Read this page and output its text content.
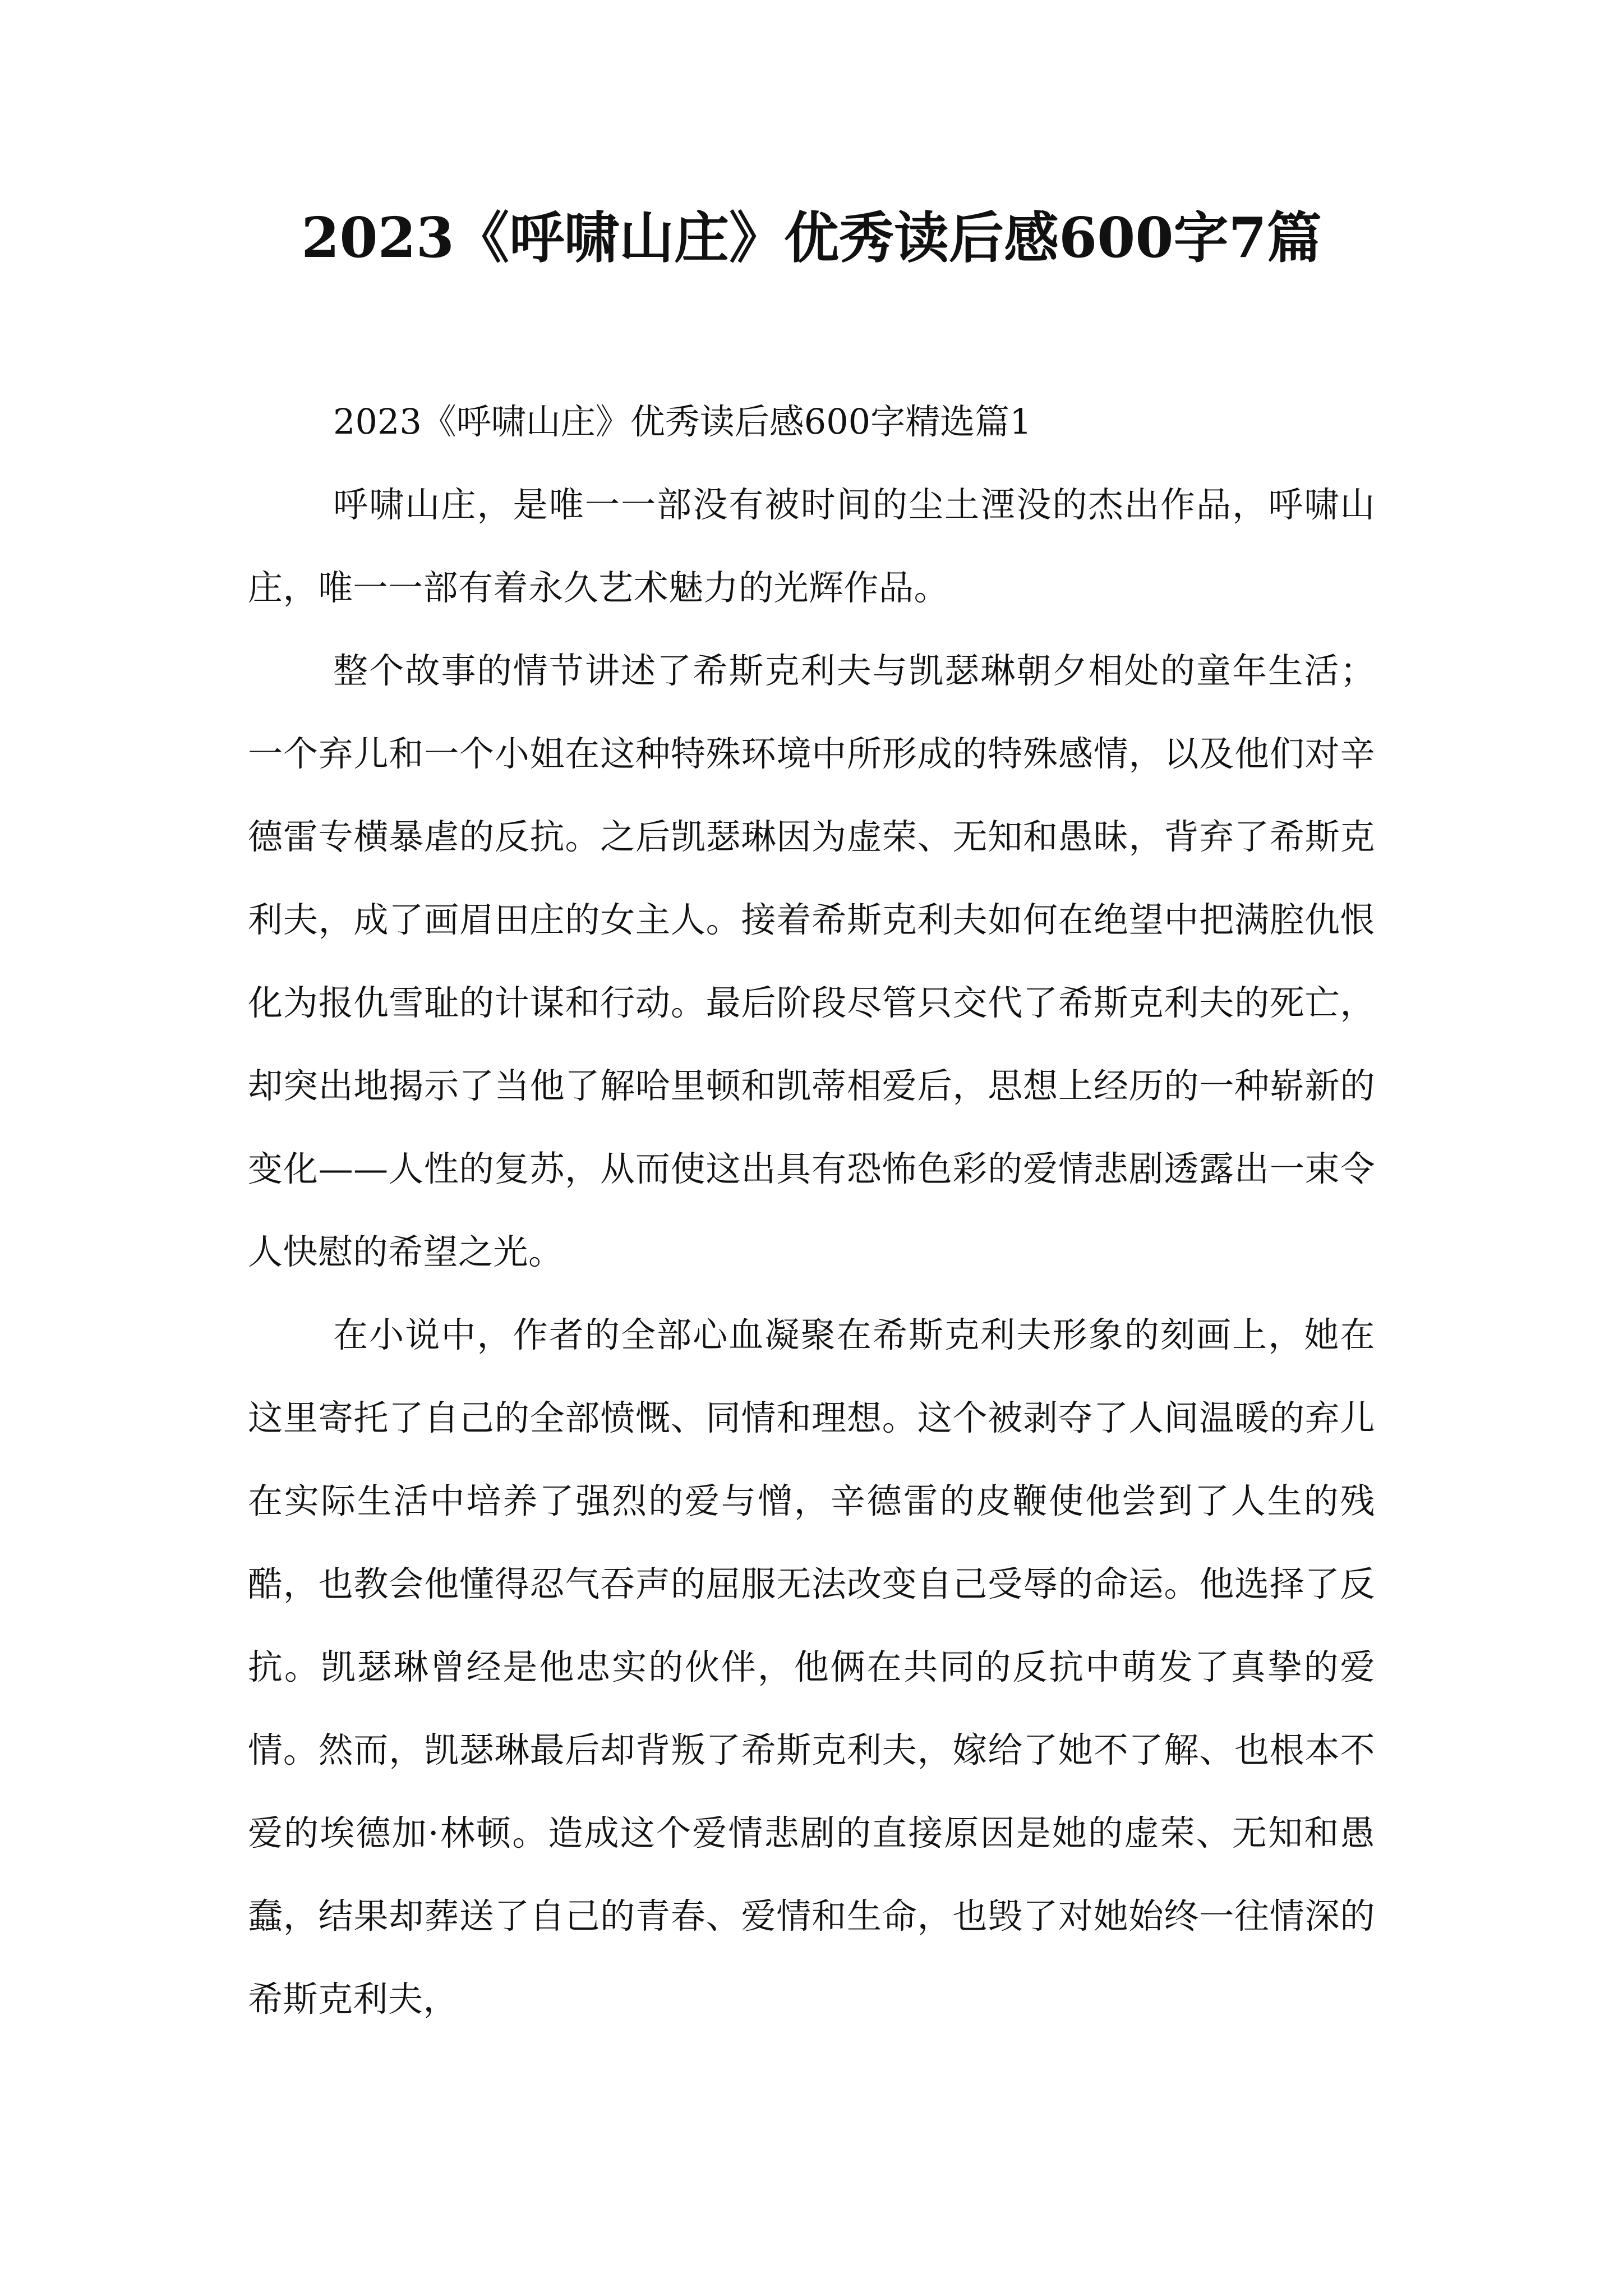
2023《呼啸山庄》优秀读后感600字7篇
2023《呼啸山庄》优秀读后感600字精选篇1

呼啸山庄，是唯一一部没有被时间的尘土湮没的杰出作品，呼啸山庄，唯一一部有着永久艺术魅力的光辉作品。

整个故事的情节讲述了希斯克利夫与凯瑟琳朝夕相处的童年生活；一个弃儿和一个小姐在这种特殊环境中所形成的特殊感情，以及他们对辛德雷专横暴虐的反抗。之后凯瑟琳因为虚荣、无知和愚昧，背弃了希斯克利夫，成了画眉田庄的女主人。接着希斯克利夫如何在绝望中把满腔仇恨化为报仇雪耻的计谋和行动。最后阶段尽管只交代了希斯克利夫的死亡，却突出地揭示了当他了解哈里顿和凯蒂相爱后，思想上经历的一种崭新的变化——人性的复苏，从而使这出具有恐怖色彩的爱情悲剧透露出一束令人快慰的希望之光。

在小说中，作者的全部心血凝聚在希斯克利夫形象的刻画上，她在这里寄托了自己的全部愤慨、同情和理想。这个被剥夺了人间温暖的弃儿在实际生活中培养了强烈的爱与憎，辛德雷的皮鞭使他尝到了人生的残酷，也教会他懂得忍气吞声的屈服无法改变自己受辱的命运。他选择了反抗。凯瑟琳曾经是他忠实的伙伴，他俩在共同的反抗中萌发了真挚的爱情。然而，凯瑟琳最后却背叛了希斯克利夫，嫁给了她不了解、也根本不爱的埃德加·林顿。造成这个爱情悲剧的直接原因是她的虚荣、无知和愚蠢，结果却葬送了自己的青春、爱情和生命，也毁了对她始终一往情深的希斯克利夫，
